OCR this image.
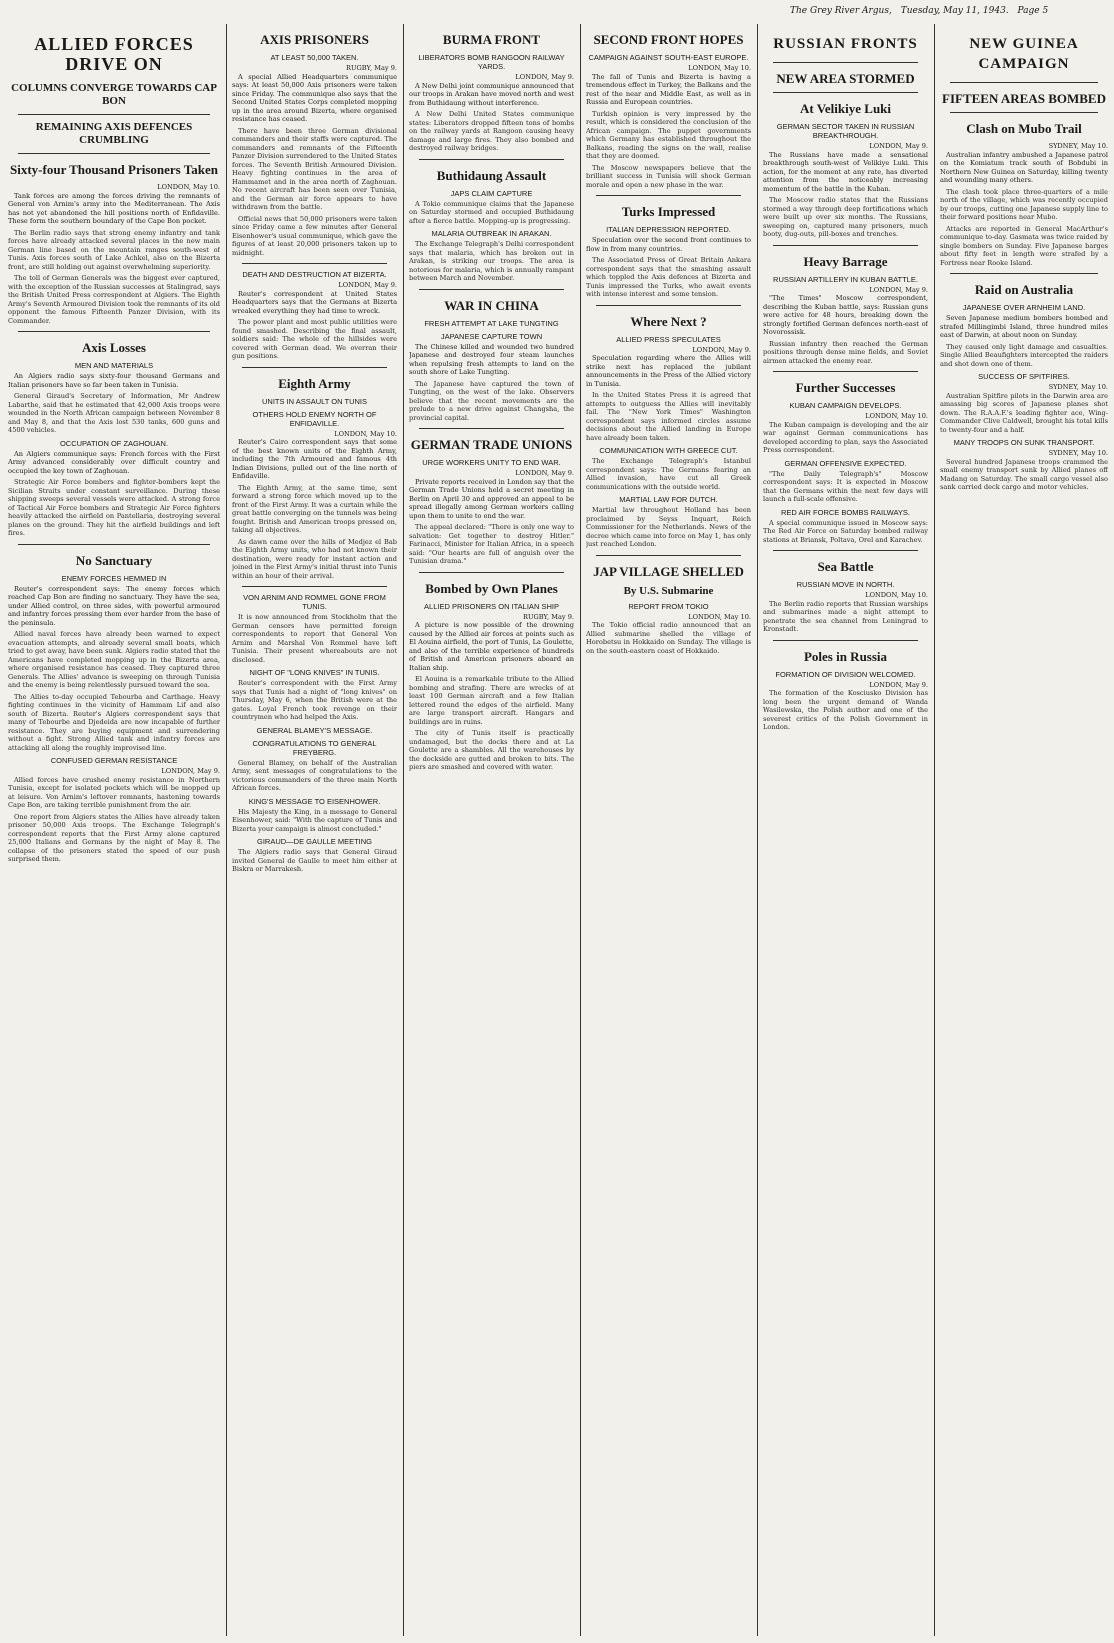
The Grey River Argus, Tuesday, May 11, 1943. Page 5
ALLIED FORCES DRIVE ON
COLUMNS CONVERGE TOWARDS CAP BON
REMAINING AXIS DEFENCES CRUMBLING
Sixty-four Thousand Prisoners Taken
LONDON, May 10.

Tank forces are among the forces driving the remnants of General von Arnim's army into the Mediterranean. The Axis has not yet abandoned the hill positions north of Enfidaville. These form the southern boundary of the Cape Bon pocket.

The Berlin radio says that strong enemy infantry and tank forces have already attacked several places in the new main German line based on the mountain ranges south-west of Tunis. Axis forces south of Lake Achkel, also on the Bizerta front, are still holding out against overwhelming superiority.

The toll of German Generals was the biggest ever captured, with the exception of the Russian successes at Stalingrad, says the British United Press correspondent at Algiers. The Eighth Army's Seventh Armoured Division took the remnants of its old opponent the famous Fifteenth Panzer Division, with its Commander.

Axis Losses
MEN AND MATERIALS

An Algiers radio says sixty-four thousand Germans and Italian prisoners have so far been taken in Tunisia.

General Giraud's Secretary of Information, Mr Andrew Labarthe, said that he estimated that 42,000 Axis troops were wounded in the North African campaign between November 8 and May 8, and that the Axis lost 530 tanks, 600 guns and 4500 vehicles.

OCCUPATION OF ZAGHOUAN.

An Algiers communique says: French forces with the First Army advanced considerably over difficult country and occupied the key town of Zaghouan.

Strategic Air Force bombers and fighter-bombers kept the Sicilian Straits under constant surveillance. During these shipping sweeps several vessels were attacked. A strong force of Tactical Air Force bombers and Strategic Air Force fighters heavily attacked the airfield on Pantellaria, destroying several planes on the ground. They hit the airfield buildings and left fires.

No Sanctuary
ENEMY FORCES HEMMED IN

Reuter's correspondent says: The enemy forces which reached Cap Bon are finding no sanctuary. They have the sea, under Allied control, on three sides, with powerful armoured and infantry forces pressing them ever harder from the base of the peninsula.

Allied naval forces have already been warned to expect evacuation attempts, and already several small boats, which tried to get away, have been sunk. Algiers radio stated that the Americans have completed mopping up in the Bizerta area, where organised resistance has ceased. They captured three Generals. The Allies' advance is sweeping on through Tunisia and the enemy is being relentlessly pursued toward the sea.

The Allies to-day occupied Tebourba and Carthage. Heavy fighting continues in the vicinity of Hammam Lif and also south of Bizerta. Reuter's Algiers correspondent says that many of Tebourbe and Djedeida are now incapable of further resistance. They are buying equipment and surrendering without a fight. Strong Allied tank and infantry forces are attacking all along the roughly improvised line.

CONFUSED GERMAN RESISTANCE
LONDON, May 9.

Allied forces have crushed enemy resistance in Northern Tunisia, except for isolated pockets which will be mopped up at leisure. Von Arnim's leftover remnants, hastening towards Cape Bon, are taking terrible punishment from the air.

One report from Algiers states the Allies have already taken prisoner 50,000 Axis troops. The Exchange Telegraph's correspondent reports that the First Army alone captured 25,000 Italians and Germans by the night of May 8. The collapse of the prisoners stated the speed of our push surprised them.

AXIS PRISONERS
AT LEAST 50,000 TAKEN.
RUGBY, May 9.

A special Allied Headquarters communique says: At least 50,000 Axis prisoners were taken since Friday. The communique also says that the Second United States Corps completed mopping up in the area around Bizerta, where organised resistance has ceased.

There have been three German divisional commanders and their staffs were captured. The commanders and remnants of the Fifteenth Panzer Division surrendered to the United States forces. The Seventh British Armoured Division. Heavy fighting continues in the area of Hammamet and in the area north of Zaghouan. No recent aircraft has been seen over Tunisia, and the German air force appears to have withdrawn from the battle.

Official news that 50,000 prisoners were taken since Friday came a few minutes after General Eisenhower's usual communique, which gave the figures of at least 20,000 prisoners taken up to midnight.

DEATH AND DESTRUCTION AT BIZERTA.
LONDON, May 9.

Reuter's correspondent at United States Headquarters says that the Germans at Bizerta wreaked everything they had time to wreck.

The power plant and most public utilities were found smashed. Describing the final assault, soldiers said: The whole of the hillsides were covered with German dead. We overran their gun positions.

Eighth Army
UNITS IN ASSAULT ON TUNIS
OTHERS HOLD ENEMY NORTH OF ENFIDAVILLE.
LONDON, May 10.

Reuter's Cairo correspondent says that some of the best known units of the Eighth Army, including the 7th Armoured and famous 4th Indian Divisions, pulled out of the line north of Enfidaville.

The Eighth Army, at the same time, sent forward a strong force which moved up to the front of the First Army. It was a curtain while the great battle converging on the tunnels was being fought. British and American troops pressed on, taking all objectives.

As dawn came over the hills of Medjez el Bab the Eighth Army units, who had not known their destination, were ready for instant action and joined in the First Army's initial thrust into Tunis within an hour of their arrival.

VON ARNIM AND ROMMEL GONE FROM TUNIS.

It is now announced from Stockholm that the German censors have permitted foreign correspondents to report that General Von Arnim and Marshal Von Rommel have left Tunisia. Their present whereabouts are not disclosed.

NIGHT OF "LONG KNIVES" IN TUNIS.

Reuter's correspondent with the First Army says that Tunis had a night of "long knives" on Thursday, May 6, when the British were at the gates. Loyal French took revenge on their countrymen who had helped the Axis.

GENERAL BLAMEY'S MESSAGE.
CONGRATULATIONS TO GENERAL FREYBERG.

General Blamey, on behalf of the Australian Army, sent messages of congratulations to the victorious commanders of the three main North African forces.

KING'S MESSAGE TO EISENHOWER.

His Majesty the King, in a message to General Eisenhower, said: "With the capture of Tunis and Bizerta your campaign is almost concluded."

GIRAUD—DE GAULLE MEETING

The Algiers radio says that General Giraud invited General de Gaulle to meet him either at Biskra or Marrakesh.

BURMA FRONT
LIBERATORS BOMB RANGOON RAILWAY YARDS.
LONDON, May 9.

A New Delhi joint communique announced that our troops in Arakan have moved north and west from Buthidaung without interference.

A New Delhi United States communique states: Liberators dropped fifteen tons of bombs on the railway yards at Rangoon causing heavy damage and large fires. They also bombed and destroyed railway bridges.

Buthidaung Assault
JAPS CLAIM CAPTURE

A Tokio communique claims that the Japanese on Saturday stormed and occupied Buthidaung after a fierce battle. Mopping-up is progressing.

MALARIA OUTBREAK IN ARAKAN.

The Exchange Telegraph's Delhi correspondent says that malaria, which has broken out in Arakan, is striking our troops. The area is notorious for malaria, which is annually rampant between March and November.

WAR IN CHINA
FRESH ATTEMPT AT LAKE TUNGTING
JAPANESE CAPTURE TOWN

The Chinese killed and wounded two hundred Japanese and destroyed four steam launches when repulsing fresh attempts to land on the south shore of Lake Tungting.

The Japanese have captured the town of Tungting, on the west of the lake. Observers believe that the recent movements are the prelude to a new drive against Changsha, the provincial capital.

GERMAN TRADE UNIONS
URGE WORKERS UNITY TO END WAR.
LONDON, May 9.

Private reports received in London say that the German Trade Unions held a secret meeting in Berlin on April 30 and approved an appeal to be spread illegally among German workers calling upon them to unite to end the war.

The appeal declared: "There is only one way to salvation: Get together to destroy Hitler." Farinacci, Minister for Italian Africa, in a speech said: "Our hearts are full of anguish over the Tunisian drama."

Bombed by Own Planes
ALLIED PRISONERS ON ITALIAN SHIP
RUGBY, May 9.

A picture is now possible of the drowning caused by the Allied air forces at points such as El Aouina airfield, the port of Tunis, La Goulette, and also of the terrible experience of hundreds of British and American prisoners aboard an Italian ship.

El Aouina is a remarkable tribute to the Allied bombing and strafing. There are wrecks of at least 100 German aircraft and a few Italian lettered round the edges of the airfield. Many are large transport aircraft. Hangars and buildings are in ruins.

The city of Tunis itself is practically undamaged, but the docks there and at La Goulette are a shambles. All the warehouses by the dockside are gutted and broken to bits. The piers are smashed and covered with water.

SECOND FRONT HOPES
CAMPAIGN AGAINST SOUTH-EAST EUROPE.
LONDON, May 10.

The fall of Tunis and Bizerta is having a tremendous effect in Turkey, the Balkans and the rest of the near and Middle East, as well as in Russia and European countries.

Turkish opinion is very impressed by the result, which is considered the conclusion of the African campaign. The puppet governments which Germany has established throughout the Balkans, reading the signs on the wall, realise that they are doomed.

The Moscow newspapers believe that the brilliant success in Tunisia will shock German morale and open a new phase in the war.

Turks Impressed
ITALIAN DEPRESSION REPORTED.

Speculation over the second front continues to flow in from many countries.

The Associated Press of Great Britain Ankara correspondent says that the smashing assault which toppled the Axis defences at Bizerta and Tunis impressed the Turks, who await events with intense interest and some tension.

Where Next ?
ALLIED PRESS SPECULATES
LONDON, May 9.

Speculation regarding where the Allies will strike next has replaced the jubilant announcements in the Press of the Allied victory in Tunisia.

In the United States Press it is agreed that attempts to outguess the Allies will inevitably fail. The "New York Times" Washington correspondent says informed circles assume decisions about the Allied landing in Europe have already been taken.

COMMUNICATION WITH GREECE CUT.

The Exchange Telegraph's Istanbul correspondent says: The Germans fearing an Allied invasion, have cut all Greek communications with the outside world.

MARTIAL LAW FOR DUTCH.

Martial law throughout Holland has been proclaimed by Seyss Inquart, Reich Commissioner for the Netherlands. News of the decree which came into force on May 1, has only just reached London.

JAP VILLAGE SHELLED
By U.S. Submarine
REPORT FROM TOKIO
LONDON, May 10.

The Tokio official radio announced that an Allied submarine shelled the village of Horobetsu in Hokkaido on Sunday. The village is on the south-eastern coast of Hokkaido.

RUSSIAN FRONTS
NEW AREA STORMED
At Velikiye Luki
GERMAN SECTOR TAKEN IN RUSSIAN BREAKTHROUGH.
LONDON, May 9.

The Russians have made a sensational breakthrough south-west of Velikiye Luki. This action, for the moment at any rate, has diverted attention from the noticeably increasing momentum of the battle in the Kuban.

The Moscow radio states that the Russians stormed a way through deep fortifications which were built up over six months. The Russians, sweeping on, captured many prisoners, much booty, dug-outs, pill-boxes and trenches.

Heavy Barrage
RUSSIAN ARTILLERY IN KUBAN BATTLE.
LONDON, May 9.

"The Times" Moscow correspondent, describing the Kuban battle, says: Russian guns were active for 48 hours, breaking down the strongly fortified German defences north-east of Novorossisk.

Russian infantry then reached the German positions through dense mine fields, and Soviet airmen attacked the enemy rear.

Further Successes
KUBAN CAMPAIGN DEVELOPS.
LONDON, May 10.

The Kuban campaign is developing and the air war against German communications has developed according to plan, says the Associated Press correspondent.

GERMAN OFFENSIVE EXPECTED.

"The Daily Telegraph's" Moscow correspondent says: It is expected in Moscow that the Germans within the next few days will launch a full-scale offensive.

RED AIR FORCE BOMBS RAILWAYS.

A special communique issued in Moscow says: The Red Air Force on Saturday bombed railway stations at Briansk, Poltava, Orel and Karachev.

Sea Battle
RUSSIAN MOVE IN NORTH.
LONDON, May 10.

The Berlin radio reports that Russian warships and submarines made a night attempt to penetrate the sea channel from Leningrad to Kronstadt.

Poles in Russia
FORMATION OF DIVISION WELCOMED.
LONDON, May 9.

The formation of the Kosciusko Division has long been the urgent demand of Wanda Wasilewska, the Polish author and one of the severest critics of the Polish Government in London.

NEW GUINEA CAMPAIGN
FIFTEEN AREAS BOMBED
Clash on Mubo Trail
SYDNEY, May 10.

Australian infantry ambushed a Japanese patrol on the Komiatum track south of Bobdubi in Northern New Guinea on Saturday, killing twenty and wounding many others.

The clash took place three-quarters of a mile north of the village, which was recently occupied by our troops, cutting one Japanese supply line to their forward positions near Mubo.

Attacks are reported in General MacArthur's communique to-day. Gasmata was twice raided by single bombers on Sunday. Five Japanese barges about fifty feet in length were strafed by a Fortress near Rooke Island.

Raid on Australia
JAPANESE OVER ARNHEIM LAND.

Seven Japanese medium bombers bombed and strafed Millingimbi Island, three hundred miles east of Darwin, at about noon on Sunday.

They caused only light damage and casualties. Single Allied Beaufighters intercepted the raiders and shot down one of them.

SUCCESS OF SPITFIRES.
SYDNEY, May 10.

Australian Spitfire pilots in the Darwin area are amassing big scores of Japanese planes shot down. The R.A.A.F.'s leading fighter ace, Wing-Commander Clive Caldwell, brought his total kills to twenty-four and a half.

MANY TROOPS ON SUNK TRANSPORT.
SYDNEY, May 10.

Several hundred Japanese troops crammed the small enemy transport sunk by Allied planes off Madang on Saturday. The small cargo vessel also sank carried deck cargo and motor vehicles.
